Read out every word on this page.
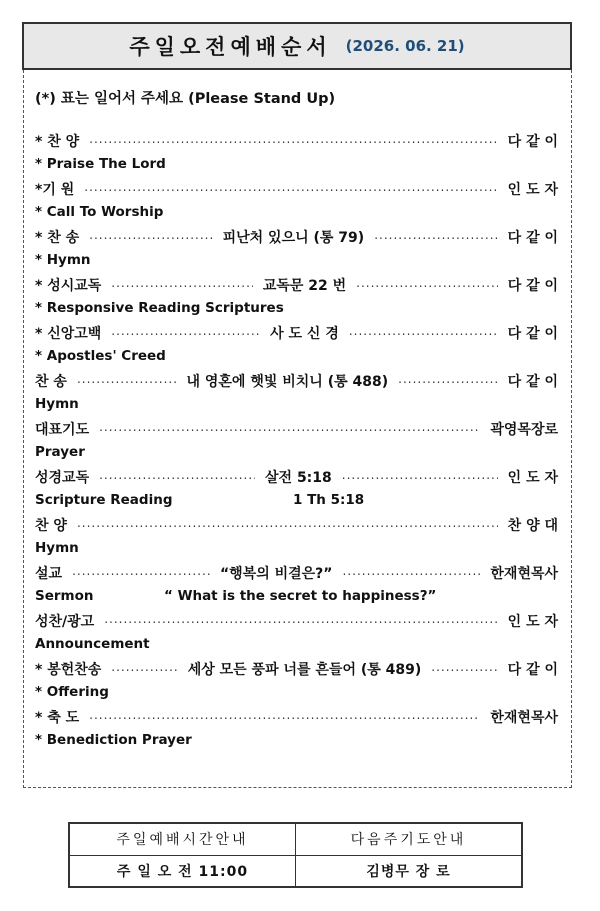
주일오전예배순서 (2026. 06. 21)
(*) 표는 일어서 주세요 (Please Stand Up)
* 찬 양 .....	다 같 이
* Praise The Lord
*기 원 .....	인 도 자
* Call To Worship
* 찬 송 .....	피난처 있으니 (통 79) .....	다 같 이
* Hymn
* 성시교독 .....	교독문 22 번 .....	다 같 이
* Responsive Reading Scriptures
* 신앙고백 .....	사 도 신 경 .....	다 같 이
* Apostles' Creed
찬 송 .....	내 영혼에 햇빛 비치니 (통 488) .....	다 같 이
Hymn
대표기도 .....	곽영목장로
Prayer
성경교독 .....	살전 5:18 .....	인 도 자
Scripture Reading	1 Th 5:18
찬 양 .....	찬 양 대
Hymn
설교 .....	“행복의 비결은?” .....	한재현목사
Sermon	“ What is the secret to happiness?”
성찬/광고 .....	인 도 자
Announcement
* 봉헌찬송 .....	세상 모든 풍파 너를 흔들어 (통 489) .....	다 같 이
* Offering
* 축 도 .....	한재현목사
* Benediction Prayer
주일예배시간안내	다음주기도안내
주 일 오 전 11:00	김병무 장 로
